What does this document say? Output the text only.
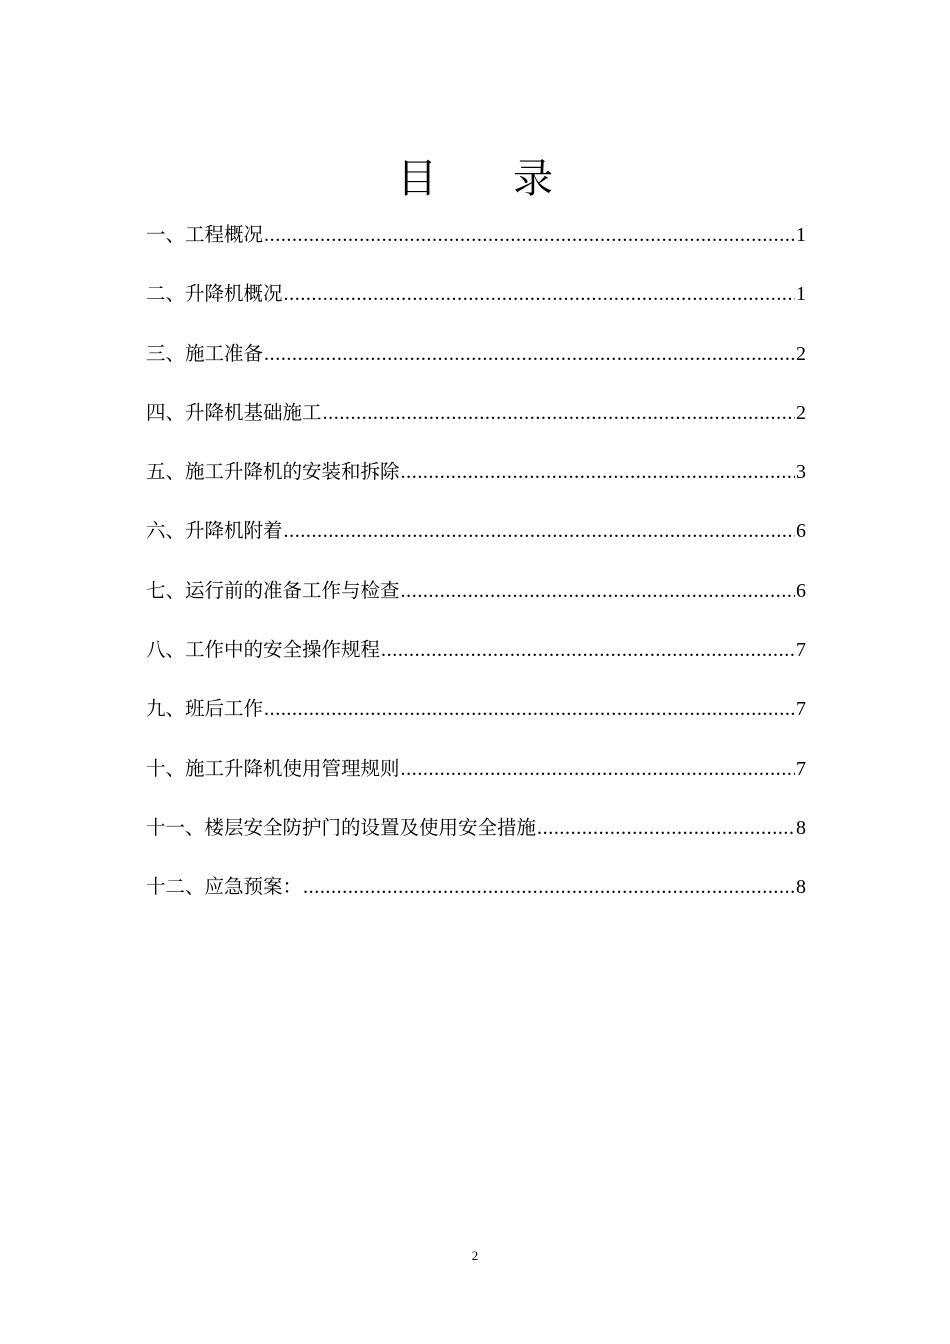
目录
一、工程概况 .....	1
二、升降机概况 .....	1
三、施工准备 .....	2
四、升降机基础施工 .....	2
五、施工升降机的安装和拆除 .....	3
六、升降机附着 .....	6
七、运行前的准备工作与检查 .....	6
八、工作中的安全操作规程 .....	7
九、班后工作 .....	7
十、施工升降机使用管理规则 .....	7
十一、楼层安全防护门的设置及使用安全措施 .....	8
十二、应急预案： .....	8
2
